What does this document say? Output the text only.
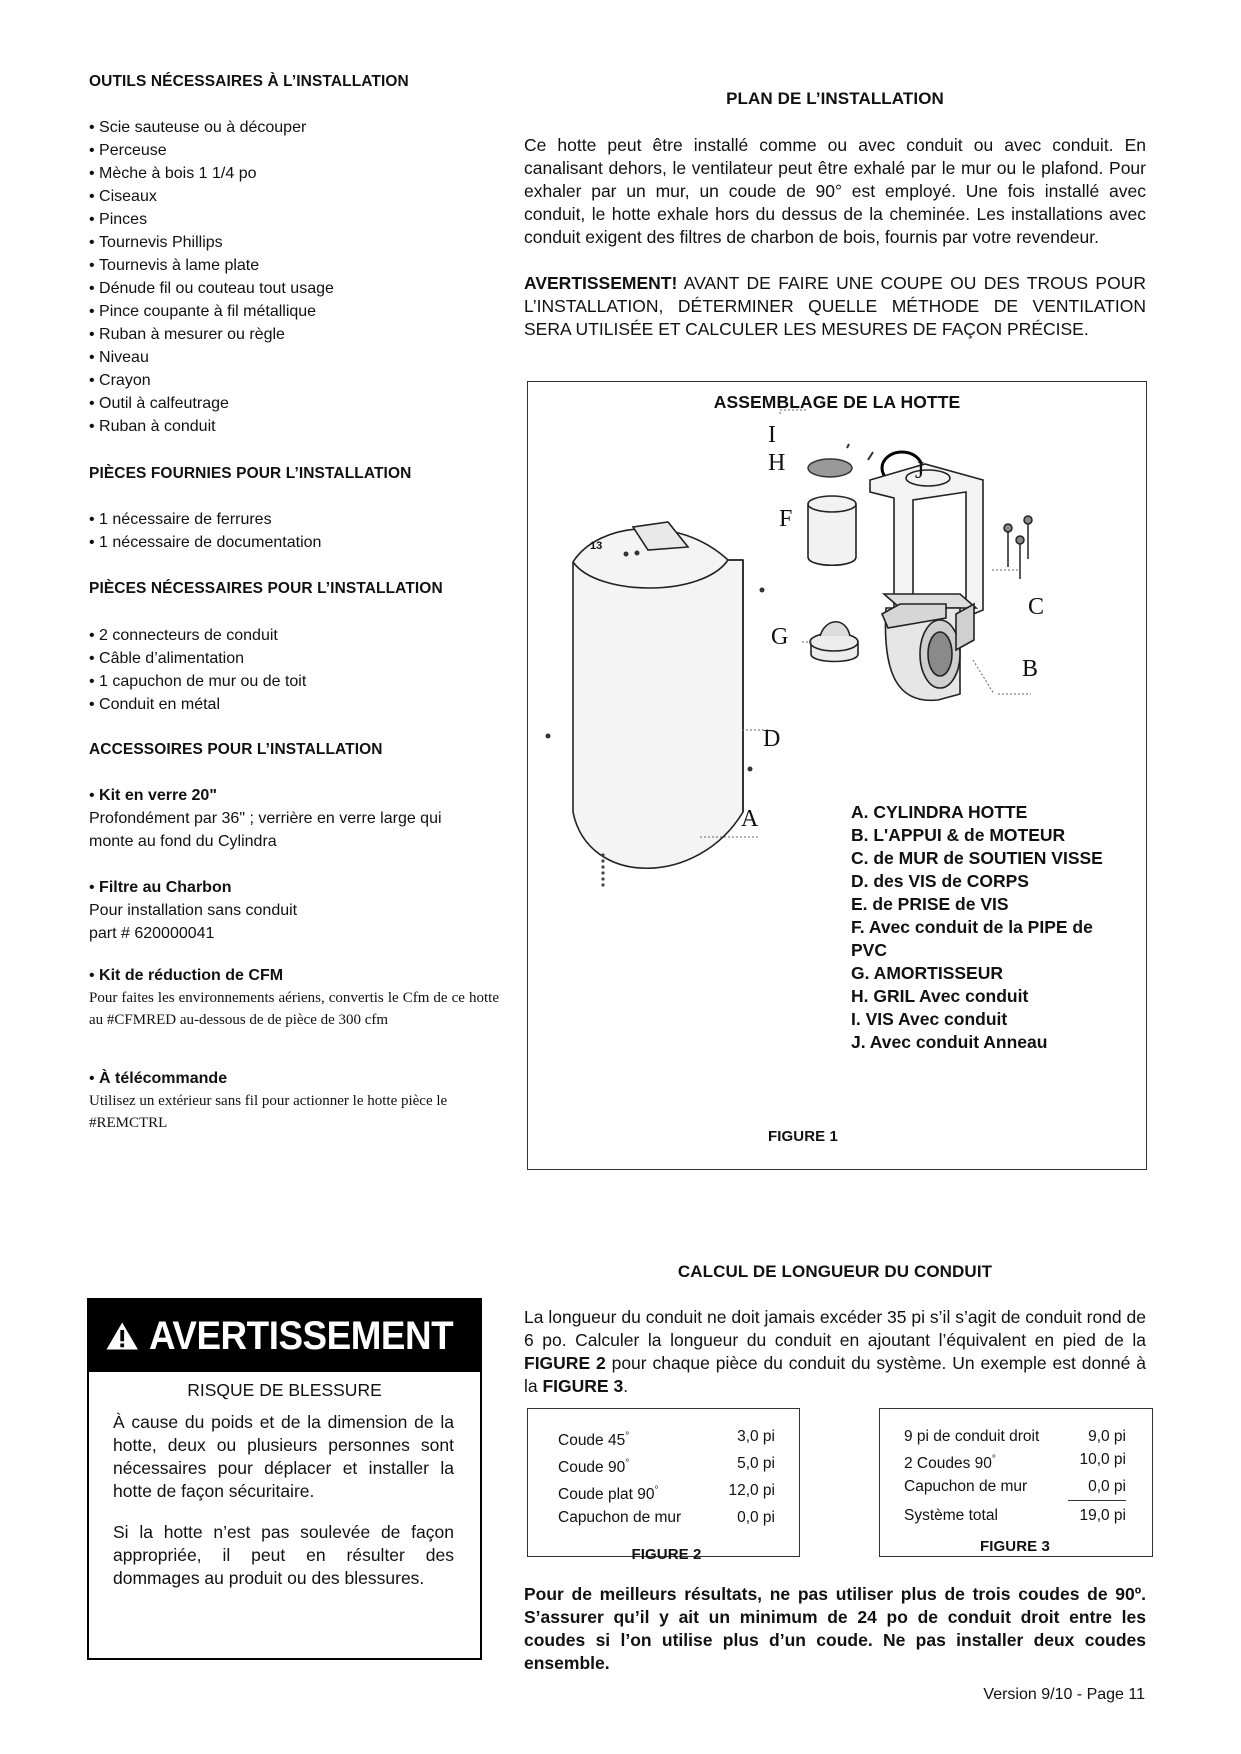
OUTILS NÉCESSAIRES À L’INSTALLATION
• Scie sauteuse ou à découper
• Perceuse
• Mèche à bois 1 1/4 po
• Ciseaux
• Pinces
• Tournevis Phillips
• Tournevis à lame plate
• Dénude fil ou couteau tout usage
• Pince coupante à fil métallique
• Ruban à mesurer ou règle
• Niveau
• Crayon
• Outil à calfeutrage
• Ruban à conduit
PIÈCES FOURNIES POUR L’INSTALLATION
• 1 nécessaire de ferrures
• 1 nécessaire de documentation
PIÈCES NÉCESSAIRES POUR L’INSTALLATION
• 2 connecteurs de conduit
• Câble d’alimentation
• 1 capuchon de mur ou de toit
• Conduit en métal
ACCESSOIRES POUR L’INSTALLATION
• Kit en verre 20"
Profondément par 36" ; verrière en verre large qui monte au fond du Cylindra
• Filtre au Charbon
Pour installation sans conduit
part # 620000041
• Kit de réduction de CFM
Pour faites les environnements aériens, convertis le Cfm de ce hotte au #CFMRED au-dessous de de pièce de 300 cfm
• À télécommande
Utilisez un extérieur sans fil pour actionner le hotte pièce le #REMCTRL
PLAN DE L’INSTALLATION
Ce hotte peut être installé comme ou avec conduit ou avec conduit. En canalisant dehors, le ventilateur peut être exhalé par le mur ou le plafond. Pour exhaler par un mur, un coude de 90° est employé. Une fois installé avec conduit, le hotte exhale hors du dessus de la cheminée. Les installations avec conduit exigent des filtres de charbon de bois, fournis par votre revendeur.
AVERTISSEMENT! AVANT DE FAIRE UNE COUPE OU DES TROUS POUR L’INSTALLATION, DÉTERMINER QUELLE MÉTHODE DE VENTILATION SERA UTILISÉE ET CALCULER LES MESURES DE FAÇON PRÉCISE.
ASSEMBLAGE DE LA HOTTE
I
H	J
F
C
G
B
D
A
13
A. CYLINDRA HOTTE
B. L'APPUI & de MOTEUR
C. de MUR de SOUTIEN VISSE
D. des VIS de CORPS
E. de PRISE de VIS
F. Avec conduit de la PIPE de PVC
G. AMORTISSEUR
H. GRIL Avec conduit
I. VIS Avec conduit
J. Avec conduit Anneau
FIGURE 1
AVERTISSEMENT
RISQUE DE BLESSURE
À cause du poids et de la dimension de la hotte, deux ou plusieurs personnes sont nécessaires pour déplacer et installer la hotte de façon sécuritaire.
Si la hotte n’est pas soulevée de façon appropriée, il peut en résulter des dommages au produit ou des blessures.
CALCUL DE LONGUEUR DU CONDUIT
La longueur du conduit ne doit jamais excéder 35 pi s’il s’agit de conduit rond de 6 po. Calculer la longueur du conduit en ajoutant l’équivalent en pied de la FIGURE 2 pour chaque pièce du conduit du système. Un exemple est donné à la FIGURE 3.
Coude 45°	3,0 pi
Coude 90°	5,0 pi
Coude plat 90°	12,0 pi
Capuchon de mur	0,0 pi
FIGURE 2
9 pi de conduit droit	9,0 pi
2 Coudes 90°	10,0 pi
Capuchon de mur	0,0 pi
Système total	19,0 pi
FIGURE 3
Pour de meilleurs résultats, ne pas utiliser plus de trois coudes de 90º. S’assurer qu’il y ait un minimum de 24 po de conduit droit entre les coudes si l’on utilise plus d’un coude. Ne pas installer deux coudes ensemble.
Version 9/10 - Page 11
